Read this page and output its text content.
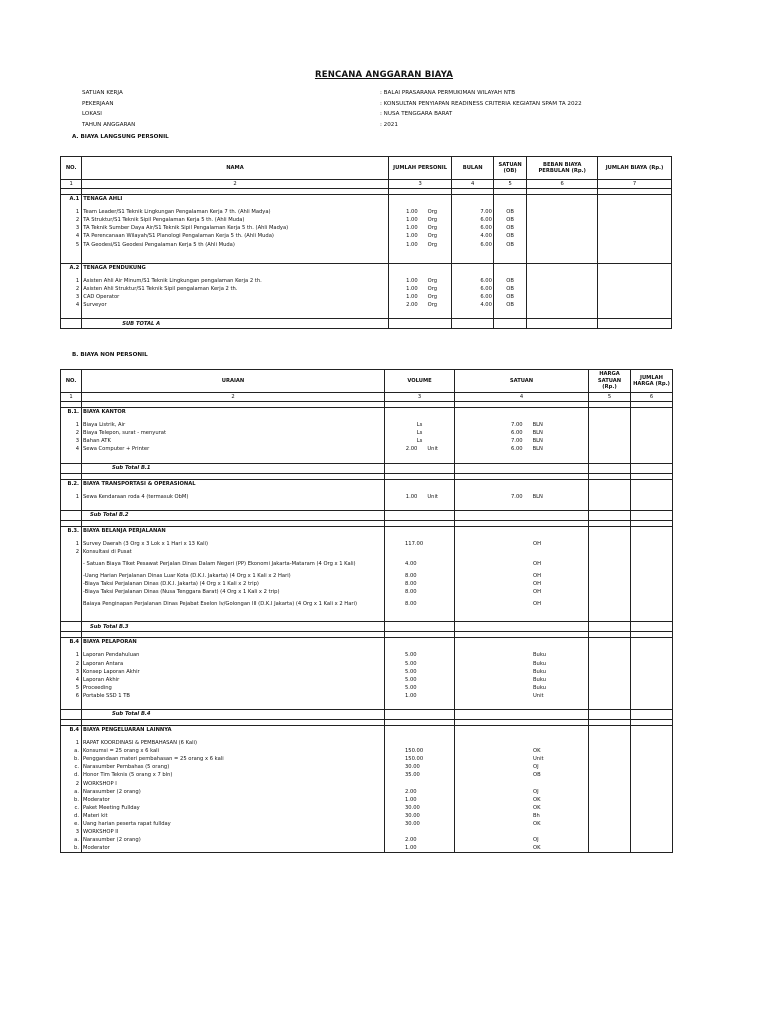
RENCANA ANGGARAN BIAYA
SATUAN KERJA	: BALAI PRASARANA PERMUKIMAN WILAYAH NTB
PEKERJAAN	: KONSULTAN PENYIAPAN READINESS CRITERIA KEGIATAN SPAM TA 2022
LOKASI	: NUSA TENGGARA BARAT
TAHUN ANGGARAN	: 2021
A. BIAYA LANGSUNG PERSONIL
NO.	NAMA	JUMLAH PERSONIL	BULAN	SATUAN (OB)	BEBAN BIAYA PERBULAN (Rp.)	JUMLAH BIAYA (Rp.)
1	2	3	4	5	6	7

A.1	TENAGA AHLI					

1	Team Leader/S1 Teknik Lingkungan Pengalaman Kerja 7 th. (Ahli Madya)	1.00 Org	7.00	OB		
2	TA Struktur/S1 Teknik Sipil Pengalaman Kerja 5 th. (Ahli Muda)	1.00 Org	6.00	OB		
3	TA Teknik Sumber Daya Air/S1 Teknik Sipil Pengalaman Kerja 5 th. (Ahli Madya)	1.00 Org	6.00	OB		
4	TA Perencanaan Wilayah/S1 Planologi Pengalaman Kerja 5 th. (Ahli Muda)	1.00 Org	4.00	OB		
5	TA Geodesi/S1 Geodesi Pengalaman Kerja 5 th (Ahli Muda)	1.00 Org	6.00	OB		

A.2	TENAGA PENDUKUNG					

1	Asisten Ahli Air Minum/S1 Teknik Lingkungan pengalaman Kerja 2 th.	1.00 Org	6.00	OB		
2	Asisten Ahli Struktur/S1 Teknik Sipil pengalaman Kerja 2 th.	1.00 Org	6.00	OB		
3	CAD Operator	1.00 Org	6.00	OB		
4	Surveyor	2.00 Org	4.00	OB		

	SUB TOTAL A					
B. BIAYA NON PERSONIL
NO.	URAIAN	VOLUME	SATUAN	HARGA SATUAN (Rp.)	JUMLAH HARGA (Rp.)
1	2	3	4	5	6

B.1.	BIAYA KANTOR				

1	Biaya Listrik, Air	Ls	7.00 BLN		

2	Biaya Telepon, surat - menyurat	Ls	6.00 BLN		

3	Bahan ATK	Ls	7.00 BLN		

4	Sewa Computer + Printer	2.00 Unit	6.00 BLN		

	Sub Total B.1				

B.2.	BIAYA TRANSPORTASI & OPERASIONAL				

1	Sewa Kendaraan roda 4 (termasuk ObM)	1.00 Unit	7.00 BLN		

	Sub Total B.2				

B.3.	BIAYA BELANJA PERJALANAN				

1	Survey Daerah (3 Org x 3 Lok x 1 Hari x 13 Kali)	117.00	OH		
2	Konsultasi di Pusat				
	- Satuan Biaya Tiket Pesawat Perjalan Dinas Dalam Negeri (PP) Ekonomi Jakarta-Mataram (4 Org x 1 Kali)	4.00	OH		
	-Uang Harian Perjalanan Dinas Luar Kota (D.K.I. Jakarta) (4 Org x 1 Kali x 2 Hari)	8.00	OH		
	-Biaya Taksi Perjalanan Dinas (D.K.I. Jakarta) (4 Org x 1 Kali x 2 trip)	8.00	OH		
	-Biaya Taksi Perjalanan Dinas (Nusa Tenggara Barat) (4 Org x 1 Kali x 2 trip)	8.00	OH		
	Baiaya Penginapan Perjalanan Dinas Pejabat Eselon Iv/Golongan III (D.K.I Jakarta) (4 Org x 1 Kali x 2 Hari)	8.00	OH		

	Sub Total B.3				

B.4	BIAYA PELAPORAN				

1	Laporan Pendahuluan	5.00	Buku		
2	Laporan Antara	5.00	Buku		
3	Konsep Laporan Akhir	5.00	Buku		
4	Laporan Akhir	5.00	Buku		
5	Proceeding	5.00	Buku		
6	Portable SSD 1 TB	1.00	Unit		

	Sub Total B.4				

B.4	BIAYA PENGELUARAN LAINNYA				

1	RAPAT KOORDINASI & PEMBAHASAN (6 Kali)				
a.	Konsumsi = 25 orang x 6 kali	150.00	OK		
b.	Penggandaan materi pembahasan = 25 orang x 6 kali	150.00	Unit		
c.	Narasumber Pembahas (5 orang)	30.00	OJ		
d.	Honor Tim Teknis (5 orang x 7 bln)	35.00	OB		
2	WORKSHOP I				
a.	Narasumber (2 orang)	2.00	OJ		
b.	Moderator	1.00	OK		
c.	Paket Meeting Fullday	30.00	OK		
d.	Materi kit	30.00	Bh		
e.	Uang harian peserta rapat fullday	30.00	OK		
3	WORKSHOP II				
a.	Narasumber (2 orang)	2.00	OJ		
b.	Moderator	1.00	OK		
